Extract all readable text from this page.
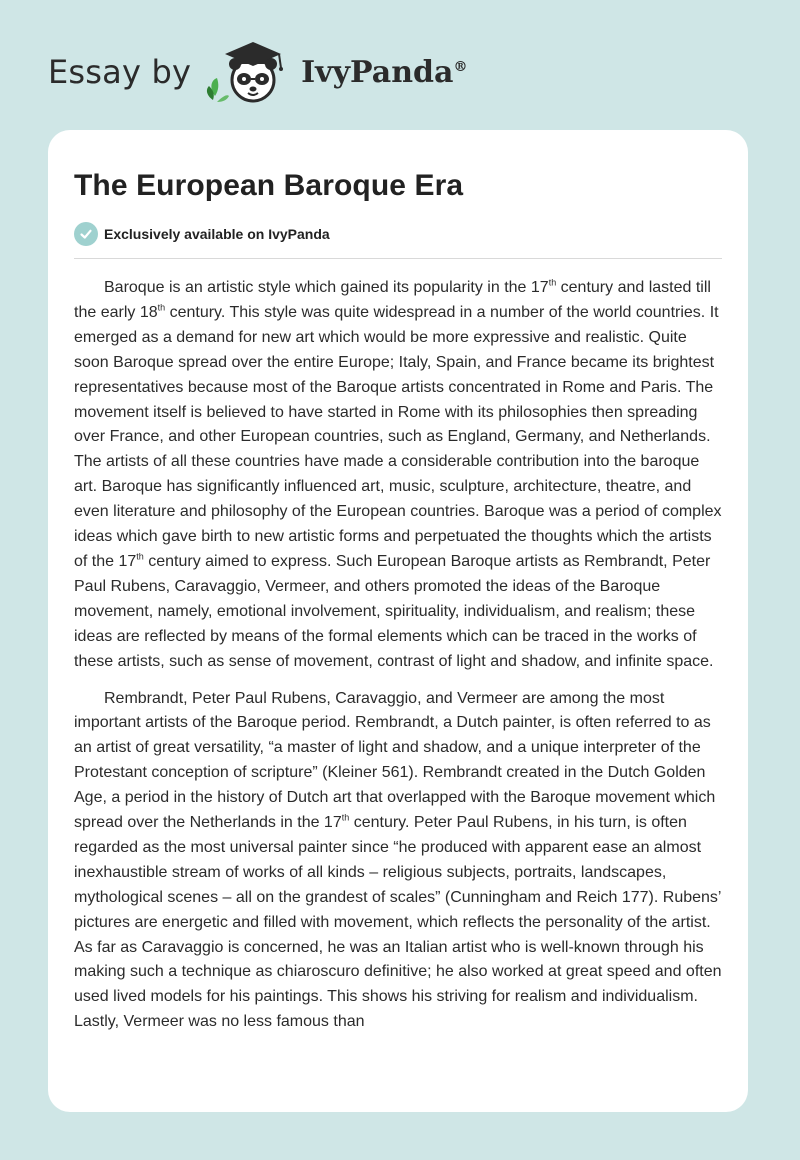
Essay by	IvyPanda®
The European Baroque Era
Exclusively available on IvyPanda

Baroque is an artistic style which gained its popularity in the 17th century and lasted till the early 18th century. This style was quite widespread in a number of the world countries. It emerged as a demand for new art which would be more expressive and realistic. Quite soon Baroque spread over the entire Europe; Italy, Spain, and France became its brightest representatives because most of the Baroque artists concentrated in Rome and Paris. The movement itself is believed to have started in Rome with its philosophies then spreading over France, and other European countries, such as England, Germany, and Netherlands. The artists of all these countries have made a considerable contribution into the baroque art. Baroque has significantly influenced art, music, sculpture, architecture, theatre, and even literature and philosophy of the European countries. Baroque was a period of complex ideas which gave birth to new artistic forms and perpetuated the thoughts which the artists of the 17th century aimed to express. Such European Baroque artists as Rembrandt, Peter Paul Rubens, Caravaggio, Vermeer, and others promoted the ideas of the Baroque movement, namely, emotional involvement, spirituality, individualism, and realism; these ideas are reflected by means of the formal elements which can be traced in the works of these artists, such as sense of movement, contrast of light and shadow, and infinite space.

Rembrandt, Peter Paul Rubens, Caravaggio, and Vermeer are among the most important artists of the Baroque period. Rembrandt, a Dutch painter, is often referred to as an artist of great versatility, “a master of light and shadow, and a unique interpreter of the Protestant conception of scripture” (Kleiner 561). Rembrandt created in the Dutch Golden Age, a period in the history of Dutch art that overlapped with the Baroque movement which spread over the Netherlands in the 17th century. Peter Paul Rubens, in his turn, is often regarded as the most universal painter since “he produced with apparent ease an almost inexhaustible stream of works of all kinds – religious subjects, portraits, landscapes, mythological scenes – all on the grandest of scales” (Cunningham and Reich 177). Rubens’ pictures are energetic and filled with movement, which reflects the personality of the artist. As far as Caravaggio is concerned, he was an Italian artist who is well-known through his making such a technique as chiaroscuro definitive; he also worked at great speed and often used lived models for his paintings. This shows his striving for realism and individualism. Lastly, Vermeer was no less famous than
